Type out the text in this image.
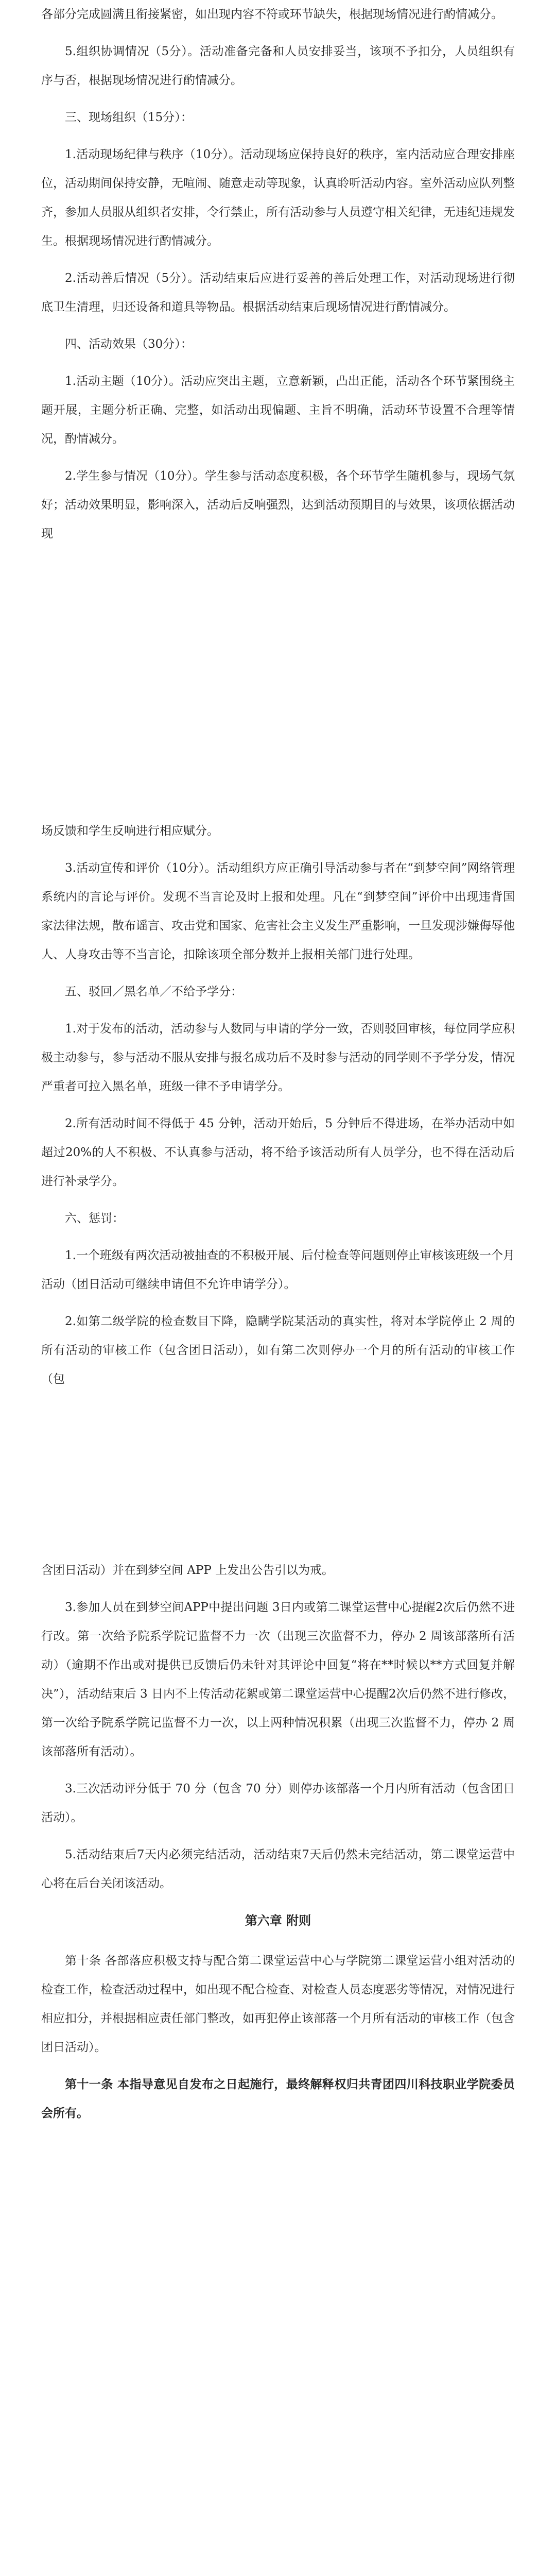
各部分完成圆满且衔接紧密，如出现内容不符或环节缺失，根据现场情况进行酌情减分。

5.组织协调情况（5分）。活动准备完备和人员安排妥当，该项不予扣分，人员组织有序与否，根据现场情况进行酌情减分。

三、现场组织（15分）：

1.活动现场纪律与秩序（10分）。活动现场应保持良好的秩序，室内活动应合理安排座位，活动期间保持安静，无喧闹、随意走动等现象，认真聆听活动内容。室外活动应队列整齐，参加人员服从组织者安排，令行禁止，所有活动参与人员遵守相关纪律，无违纪违规发生。根据现场情况进行酌情减分。

2.活动善后情况（5分）。活动结束后应进行妥善的善后处理工作，对活动现场进行彻底卫生清理，归还设备和道具等物品。根据活动结束后现场情况进行酌情减分。

四、活动效果（30分）：

1.活动主题（10分）。活动应突出主题，立意新颖，凸出正能，活动各个环节紧围绕主题开展，主题分析正确、完整，如活动出现偏题、主旨不明确，活动环节设置不合理等情况，酌情减分。

2.学生参与情况（10分）。学生参与活动态度积极，各个环节学生随机参与，现场气氛好；活动效果明显，影响深入，活动后反响强烈，达到活动预期目的与效果，该项依据活动现

场反馈和学生反响进行相应赋分。

3.活动宣传和评价（10分）。活动组织方应正确引导活动参与者在“到梦空间”网络管理系统内的言论与评价。发现不当言论及时上报和处理。凡在“到梦空间”评价中出现违背国家法律法规，散布谣言、攻击党和国家、危害社会主义发生严重影响，一旦发现涉嫌侮辱他人、人身攻击等不当言论，扣除该项全部分数并上报相关部门进行处理。

五、驳回／黑名单／不给予学分：

1.对于发布的活动，活动参与人数同与申请的学分一致，否则驳回审核，每位同学应积极主动参与，参与活动不服从安排与报名成功后不及时参与活动的同学则不予学分发，情况严重者可拉入黑名单，班级一律不予申请学分。

2.所有活动时间不得低于 45 分钟，活动开始后，5 分钟后不得进场，在举办活动中如超过20%的人不积极、不认真参与活动，将不给予该活动所有人员学分，也不得在活动后进行补录学分。

六、惩罚：

1.一个班级有两次活动被抽查的不积极开展、后付检查等问题则停止审核该班级一个月活动（团日活动可继续申请但不允许申请学分）。

2.如第二级学院的检查数目下降，隐瞒学院某活动的真实性，将对本学院停止 2 周的所有活动的审核工作（包含团日活动），如有第二次则停办一个月的所有活动的审核工作（包

含团日活动）并在到梦空间 APP 上发出公告引以为戒。

3.参加人员在到梦空间APP中提出问题 3日内或第二课堂运营中心提醒2次后仍然不进行改。第一次给予院系学院记监督不力一次（出现三次监督不力，停办 2 周该部落所有活动）（逾期不作出或对提供已反馈后仍未针对其评论中回复“将在**时候以**方式回复并解决”），活动结束后 3 日内不上传活动花絮或第二课堂运营中心提醒2次后仍然不进行修改，第一次给予院系学院记监督不力一次，以上两种情况积累（出现三次监督不力，停办 2 周该部落所有活动）。

3.三次活动评分低于 70 分（包含 70 分）则停办该部落一个月内所有活动（包含团日活动）。

5.活动结束后7天内必须完结活动，活动结束7天后仍然未完结活动，第二课堂运营中心将在后台关闭该活动。

第六章 附则

第十条 各部落应积极支持与配合第二课堂运营中心与学院第二课堂运营小组对活动的检查工作，检查活动过程中，如出现不配合检查、对检查人员态度恶劣等情况，对情况进行相应扣分，并根据相应责任部门整改，如再犯停止该部落一个月所有活动的审核工作（包含团日活动）。

第十一条 本指导意见自发布之日起施行，最终解释权归共青团四川科技职业学院委员会所有。
